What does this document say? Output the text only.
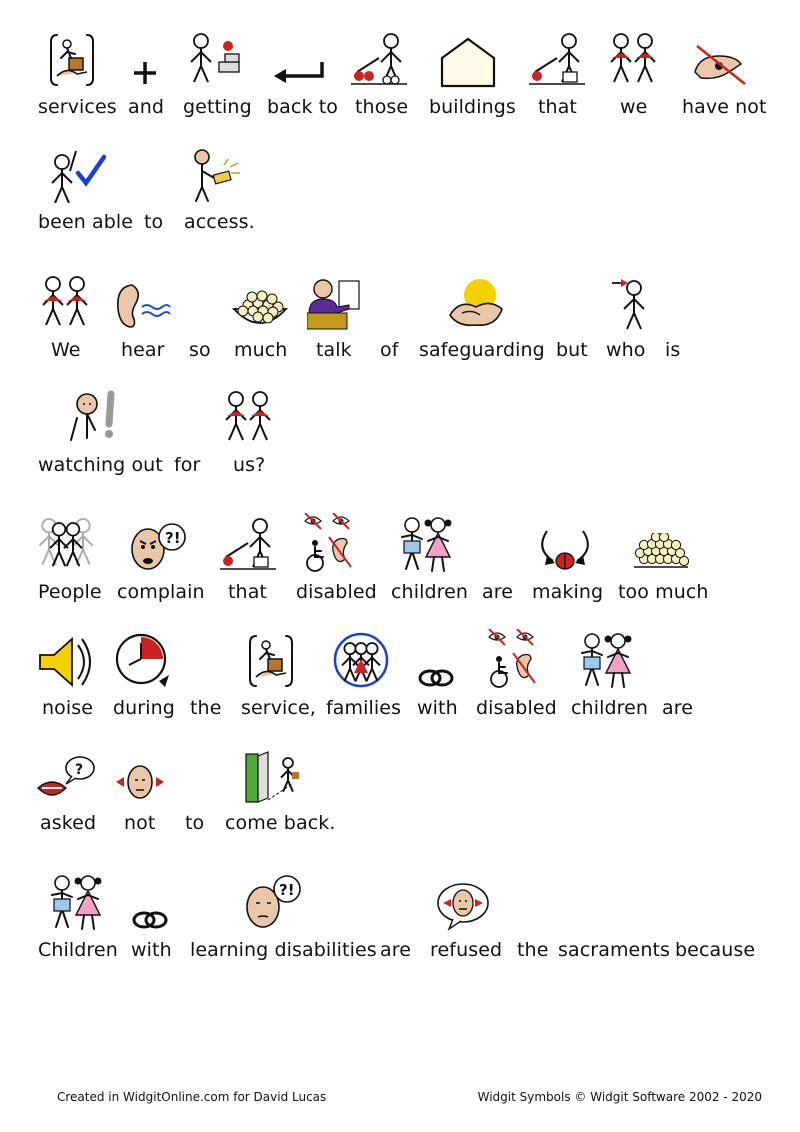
services and getting back to those buildings that we have not
been able to access.
We hear so much talk of safeguarding but who is
watching out for us?
People complain
?!
that disabled children are making too much
noise during the service, families with disabled children are
asked
?
not to come back.
Children with learning disabilities
?!
are refused the sacraments because
Created in WidgitOnline.com for David Lucas	Widgit Symbols © Widgit Software 2002 - 2020
